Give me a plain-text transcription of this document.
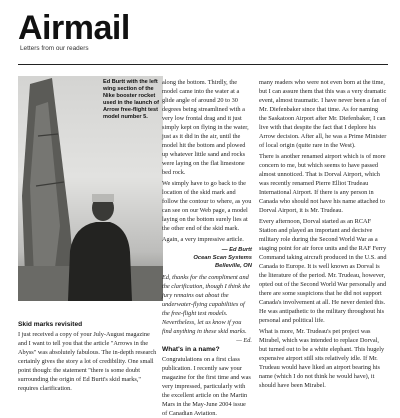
Airmail
Letters from our readers
Ed Burtt with the left wing section of the Nike booster rocket used in the launch of Arrow free-flight test model number 5.
Skid marks revisited

I just received a copy of your July-August magazine and I want to tell you that the article "Arrows in the Abyss" was absolutely fabulous. The in-depth research certainly gives the story a lot of credibility. One small point though: the statement "there is some doubt surrounding the origin of Ed Burtt's skid marks," requires clarification.

along the bottom. Thirdly, the model came into the water at a glide angle of around 20 to 30 degrees being streamlined with a very low frontal drag and it just simply kept on flying in the water, just as it did in the air, until the model hit the bottom and plowed up whatever little sand and rocks were laying on the flat limestone bed rock.

We simply have to go back to the location of the skid mark and follow the contour to where, as you can see on our Web page, a model laying on the bottom surely lies at the other end of the skid mark.

Again, a very impressive article.

— Ed Burtt
Ocean Scan Systems
Belleville, ON

Ed, thanks for the compliment and the clarification, though I think the jury remains out about the underwater-flying capabilities of the free-flight test models. Nevertheless, let us know if you find anything in these skid marks.
— Ed.

What's in a name?

Congratulations on a first class publication. I recently saw your magazine for the first time and was very impressed, particularly with the excellent article on the Martin Mars in the May-June 2004 issue of Canadian Aviation.

many readers who were not even born at the time, but I can assure them that this was a very dramatic event, almost traumatic. I have never been a fan of Mr. Diefenbaker since that time. As for naming the Saskatoon Airport after Mr. Diefenbaker, I can live with that despite the fact that I deplore his Arrow decision. After all, he was a Prime Minister of local origin (quite rare in the West).

There is another renamed airport which is of more concern to me, but which seems to have passed almost unnoticed. That is Dorval Airport, which was recently renamed Pierre Elliot Trudeau International Airport. If there is any person in Canada who should not have his name attached to Dorval Airport, it is Mr. Trudeau.

Every afternoon, Dorval started as an RCAF Station and played an important and decisive military role during the Second World War as a staging point for air force units and the RAF Ferry Command taking aircraft produced in the U.S. and Canada to Europe. It is well known as Dorval is the literature of the period. Mr. Trudeau, however, opted out of the Second World War personally and there are some suspicions that he did not support Canada's involvement at all. He never denied this. He was antipathetic to the military throughout his personal and political life.

What is more, Mr. Trudeau's pet project was Mirabel, which was intended to replace Dorval, but turned out to be a white elephant. This hugely expensive airport still sits relatively idle. If Mr. Trudeau would have liked an airport bearing his name (which I do not think he would have), it should have been Mirabel.
